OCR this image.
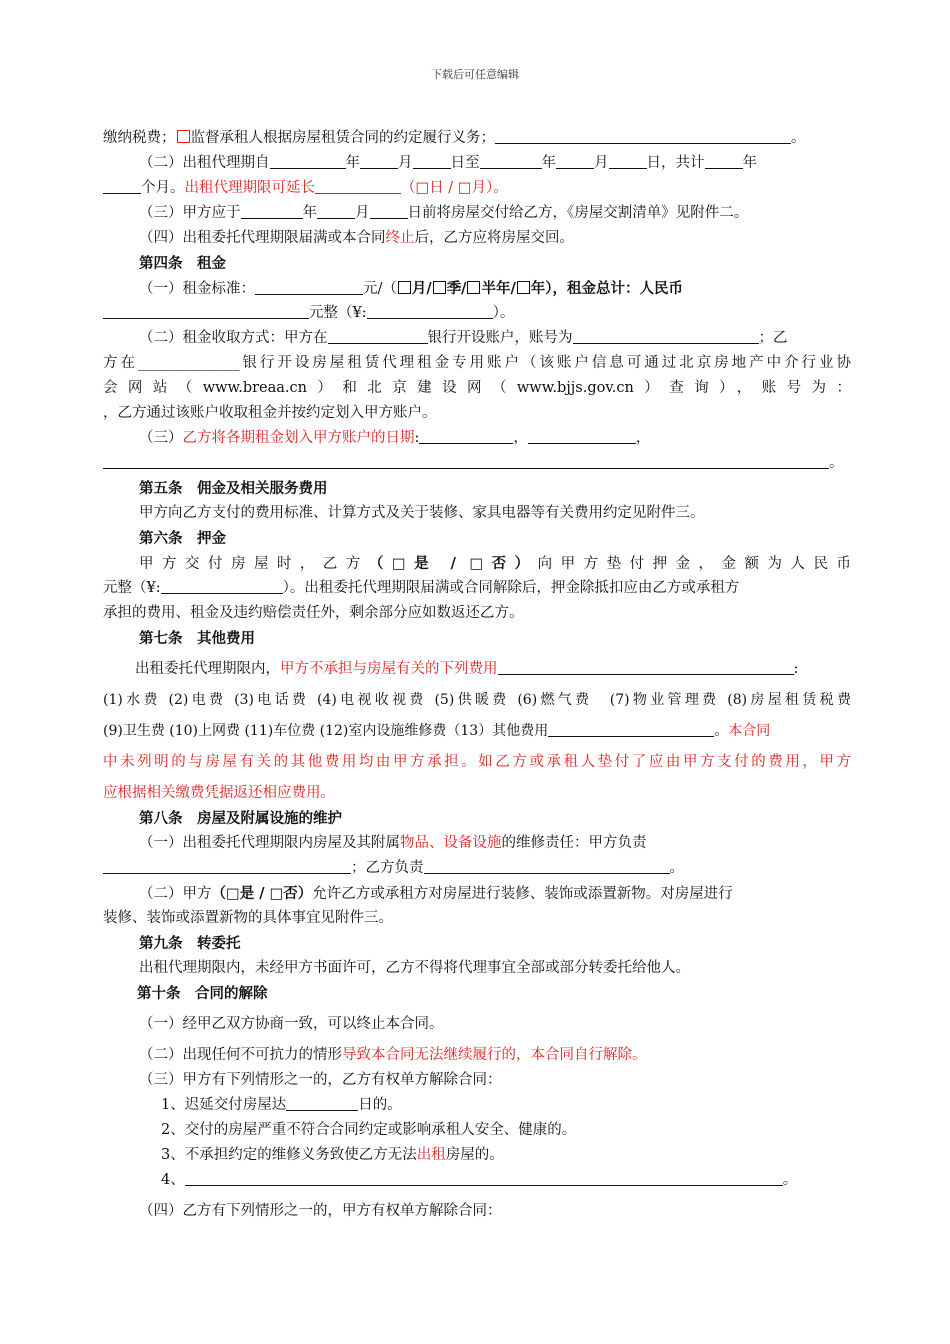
下载后可任意编辑
缴纳税费； 监督承租人根据房屋租赁合同的约定履行义务；	。
（二）出租代理期自	年	月	日至	年	月	日，共计	年
个月。出租代理期限可延长	（□日 / □月）。
（三）甲方应于	年	月	日前将房屋交付给乙方，《房屋交割清单》见附件二。
（四）出租委托代理期限届满或本合同终止后，乙方应将房屋交回。
第四条　租金
（一）租金标准：	元/（ 月/ 季/ 半年/ 年），租金总计：人民币
元整（¥:	）。
（二）租金收取方式：甲方在	银行开设账户，账号为	；乙
方在______________银行开设房屋租赁代理租金专用账户（该账户信息可通过北京房地产中介行业协
会网站（www.breaa.cn）和北京建设网（www.bjjs.gov.cn）查询），账号为：
，乙方通过该账户收取租金并按约定划入甲方账户。
（三）乙方将各期租金划入甲方账户的日期:	，	，
。
第五条　佣金及相关服务费用
甲方向乙方支付的费用标准、计算方式及关于装修、家具电器等有关费用约定见附件三。
第六条　押金
甲方交付房屋时，乙方（□是 / □否）向甲方垫付押金，金额为人民币
元整（¥:	）。出租委托代理期限届满或合同解除后，押金除抵扣应由乙方或承租方
承担的费用、租金及违约赔偿责任外，剩余部分应如数返还乙方。
第七条　其他费用
出租委托代理期限内，甲方不承担与房屋有关的下列费用	:
(1)水费 (2)电费 (3)电话费 (4)电视收视费 (5)供暖费 (6)燃气费　(7)物业管理费 (8)房屋租赁税费
(9)卫生费 (10)上网费 (11)车位费 (12)室内设施维修费（13）其他费用	。本合同
中未列明的与房屋有关的其他费用均由甲方承担。如乙方或承租人垫付了应由甲方支付的费用，甲方
应根据相关缴费凭据返还相应费用。
第八条　房屋及附属设施的维护
（一）出租委托代理期限内房屋及其附属物品、设备设施的维修责任：甲方负责
；乙方负责	。
（二）甲方（□是 / □否）允许乙方或承租方对房屋进行装修、装饰或添置新物。对房屋进行
装修、装饰或添置新物的具体事宜见附件三。
第九条　转委托
出租代理期限内，未经甲方书面许可，乙方不得将代理事宜全部或部分转委托给他人。
第十条　合同的解除
（一）经甲乙双方协商一致，可以终止本合同。
（二）出现任何不可抗力的情形导致本合同无法继续履行的，本合同自行解除。
（三）甲方有下列情形之一的，乙方有权单方解除合同：
1、迟延交付房屋达	日的。
2、交付的房屋严重不符合合同约定或影响承租人安全、健康的。
3、不承担约定的维修义务致使乙方无法出租房屋的。
4、	。
（四）乙方有下列情形之一的，甲方有权单方解除合同：
